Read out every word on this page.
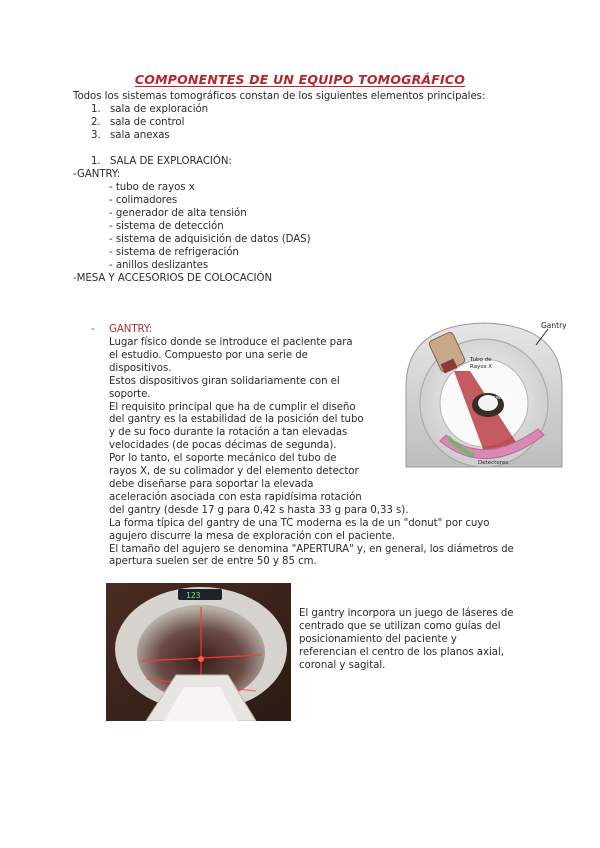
COMPONENTES DE UN EQUIPO TOMOGRÁFICO
Todos los sistemas tomográficos constan de los siguientes elementos principales:
1. sala de exploración
2. sala de control
3. sala anexas
1. SALA DE EXPLORACIÓN:
-GANTRY:
- tubo de rayos x
- colimadores
- generador de alta tensión
- sistema de detección
- sistema de adquisición de datos (DAS)
- sistema de refrigeración
- anillos deslizantes
-MESA Y ACCESORIOS DE COLOCACIÓN
- GANTRY:
Lugar físico donde se introduce el paciente para
el estudio. Compuesto por una serie de
dispositivos.
Estos dispositivos giran solidariamente con el
soporte.
El requisito principal que ha de cumplir el diseño
del gantry es la estabilidad de la posición del tubo
y de su foco durante la rotación a tan elevadas
velocidades (de pocas décimas de segunda).
Por lo tanto, el soporte mecánico del tubo de
rayos X, de su colimador y del elemento detector
debe diseñarse para soportar la elevada
aceleración asociada con esta rapidísima rotación
del gantry (desde 17 g para 0,42 s hasta 33 g para 0,33 s).
La forma típica del gantry de una TC moderna es la de un "donut" por cuyo
agujero discurre la mesa de exploración con el paciente.
El tamaño del agujero se denomina "APERTURA" y, en general, los diámetros de
apertura suelen ser de entre 50 y 85 cm.
Gantry
Tubo de
Rayos X
Paciente
Detectores
123
El gantry incorpora un juego de láseres de
centrado que se utilizan como guías del
posicionamiento del paciente y
referencian el centro de los planos axial,
coronal y sagital.
